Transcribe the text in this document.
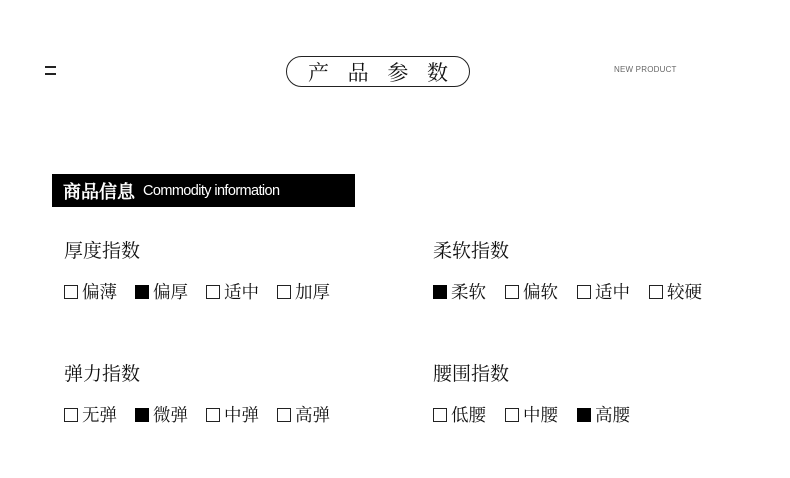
产 品 参 数	NEW PRODUCT
商品信息 Commodity information
厚度指数
偏薄 偏厚 适中 加厚
柔软指数
柔软 偏软 适中 较硬
弹力指数
无弹 微弹 中弹 高弹
腰围指数
低腰 中腰 高腰
